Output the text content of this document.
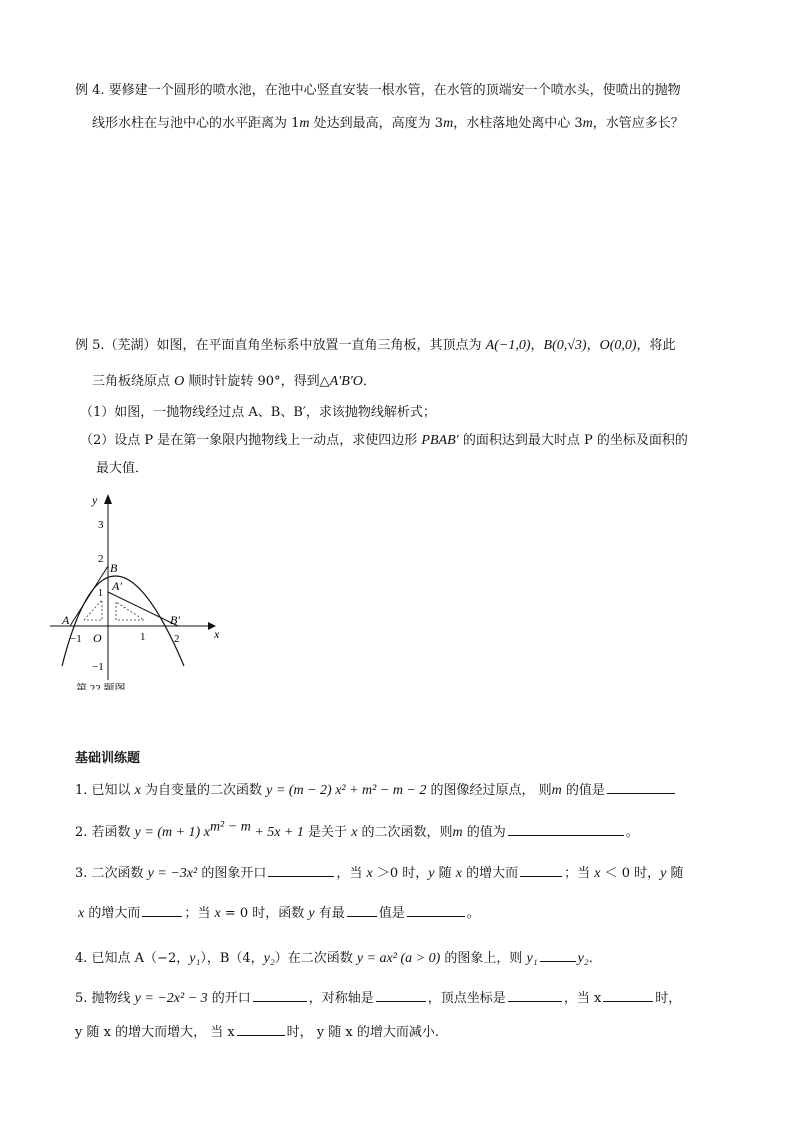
例 4. 要修建一个圆形的喷水池，在池中心竖直安装一根水管，在水管的顶端安一个喷水头，使喷出的抛物
线形水柱在与池中心的水平距离为 1m 处达到最高，高度为 3m，水柱落地处离中心 3m，水管应多长？
例 5.（芜湖）如图，在平面直角坐标系中放置一直角三角板，其顶点为 A(−1,0)，B(0,√3)，O(0,0)，将此
三角板绕原点 O 顺时针旋转 90°，得到△A′B′O．
（1）如图，一抛物线经过点 A、B、B′，求该抛物线解析式；
（2）设点 P 是在第一象限内抛物线上一动点，求使四边形 PBAB′ 的面积达到最大时点 P 的坐标及面积的
最大值．
x
y
3
2
1
−1
−1	1	2
O
A
B
A′
B′
第 22 题图
基础训练题
1. 已知以 x 为自变量的二次函数 y = (m − 2) x² + m² − m − 2 的图像经过原点， 则m 的值是
2. 若函数 y = (m + 1) $x^{m^2 - m} + 5x + 1$ 是关于 x 的二次函数，则m 的值为	。
3. 二次函数 y = −3x² 的图象开口	，当 x ＞0 时，y 随 x 的增大而	；当 x ＜ 0 时，y 随
x 的增大而	；当 x = 0 时，函数 y 有最	值是	。
4. 已知点 A（−2，y₁），B（4，y₂）在二次函数 y = ax² (a > 0) 的图象上，则 y₁	y₂．
5. 抛物线 y = −2x² − 3 的开口	，对称轴是	，顶点坐标是	，当 x	时，
y 随 x 的增大而增大， 当 x	时， y 随 x 的增大而减小.
